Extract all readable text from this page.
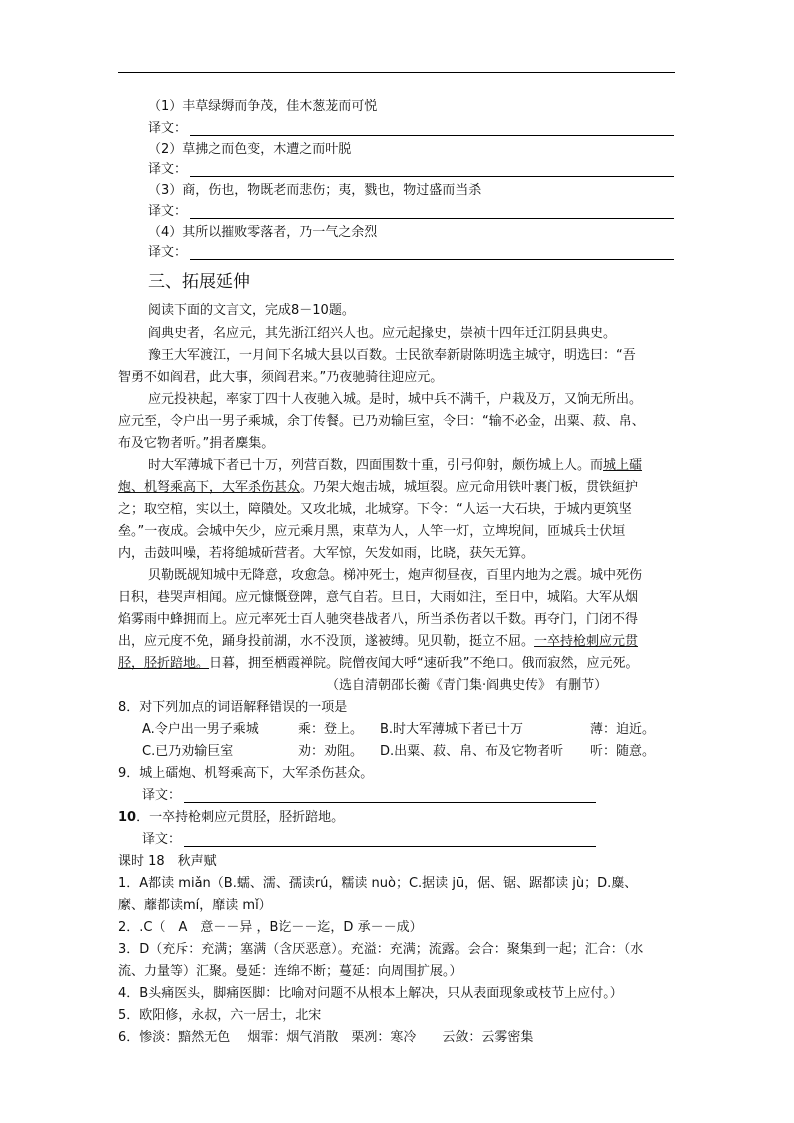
（1）丰草绿缛而争茂，佳木葱茏而可悦
译文：
（2）草拂之而色变，木遭之而叶脱
译文：
（3）商，伤也，物既老而悲伤；夷，戮也，物过盛而当杀
译文：
（4）其所以摧败零落者，乃一气之余烈
译文：
三、拓展延伸
阅读下面的文言文，完成8－10题。
阎典史者，名应元，其先浙江绍兴人也。应元起掾史，崇祯十四年迁江阴县典史。
豫王大军渡江，一月间下名城大县以百数。士民欲奉新尉陈明选主城守，明选曰：“吾
智勇不如阎君，此大事，须阎君来。”乃夜驰骑往迎应元。
应元投袂起，率家丁四十人夜驰入城。是时，城中兵不满千，户栽及万，又饷无所出。
应元至，令户出一男子乘城，余丁传餐。已乃劝输巨室，令曰：“输不必金，出粟、菽、帛、
布及它物者听。”捐者麇集。
时大军薄城下者已十万，列营百数，四面围数十重，引弓仰射，颇伤城上人。而城上礌
炮、机弩乘高下，大军杀伤甚众。乃架大炮击城，城垣裂。应元命用铁叶裹门板，贯铁絙护
之；取空棺，实以土，障隤处。又攻北城，北城穿。下令：“人运一大石块，于城内更筑坚
垒。”一夜成。会城中矢少，应元乘月黑，束草为人，人竿一灯，立埤堄间，匝城兵士伏垣
内，击鼓叫噪，若将缒城斫营者。大军惊，矢发如雨，比晓，获矢无算。
贝勒既觇知城中无降意，攻愈急。梯冲死士，炮声彻昼夜，百里内地为之震。城中死伤
日积，巷哭声相闻。应元慷慨登陴，意气自若。旦日，大雨如注，至日中，城陷。大军从烟
焰雾雨中蜂拥而上。应元率死士百人驰突巷战者八，所当杀伤者以千数。再夺门，门闭不得
出，应元度不免，踊身投前湖，水不没顶，遂被缚。见贝勒，挺立不屈。一卒持枪刺应元贯
胫，胫折踣地。日暮，拥至栖霞禅院。院僧夜闻大呼“速斫我”不绝口。俄而寂然，应元死。
（选自清朝邵长蘅《青门集·阎典史传》 有删节）
8．对下列加点的词语解释错误的一项是
A.令户出一男子乘城	乘：登上。 B.时大军薄城下者已十万	薄：迫近。
C.已乃劝输巨室	劝：劝阻。 D.出粟、菽、帛、布及它物者听 听：随意。
9．城上礌炮、机弩乘高下，大军杀伤甚众。
译文：
10．一卒持枪刺应元贯胫，胫折踣地。
译文：
课时 18　秋声赋
1．A都读 miǎn（B.蠕、濡、孺读rú，糯读 nuò；C.据读 jū，倨、锯、踞都读 jù；D.麋、
縻、蘼都读mí，靡读 mǐ）
2．.C（　A　意－－异 ，B讫－－迄，D 承－－成）
3．D（充斥：充满；塞满（含厌恶意）。充溢：充满；流露。会合：聚集到一起；汇合：（水
流、力量等）汇聚。曼延：连绵不断；蔓延：向周围扩展。）
4．B头痛医头，脚痛医脚：比喻对问题不从根本上解决，只从表面现象或枝节上应付。）
5．欧阳修，永叔，六一居士，北宋
6．惨淡：黯然无色　 烟霏：烟气消散　栗冽：寒冷　　云敛：云雾密集
